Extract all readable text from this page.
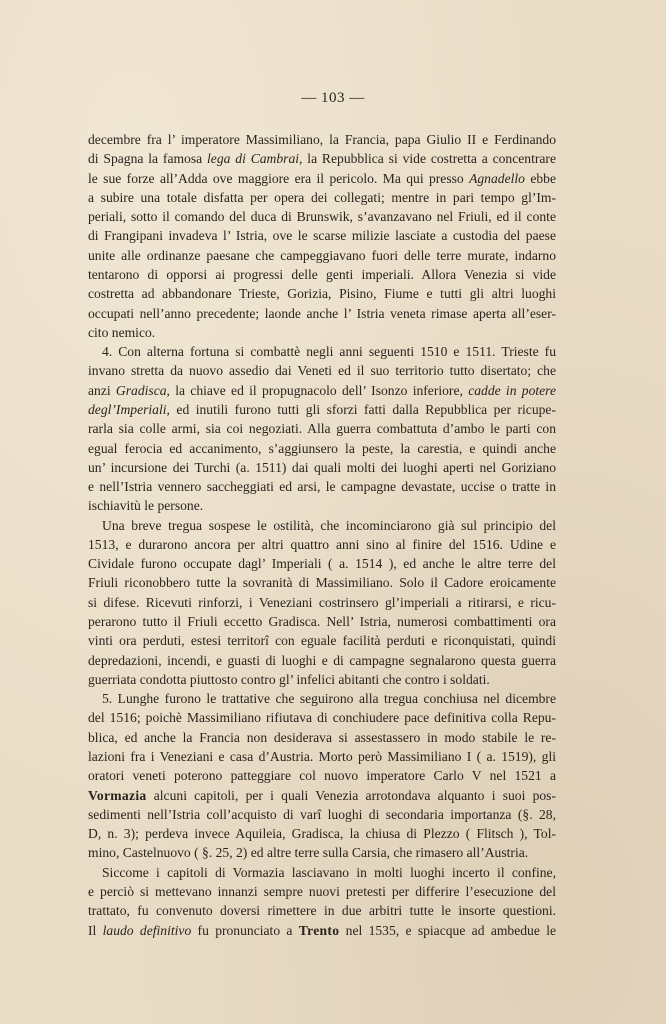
— 103 —
decembre fra l’ imperatore Massimiliano, la Francia, papa Giulio II e Ferdinando
di Spagna la famosa lega di Cambrai, la Repubblica si vide costretta a concentrare
le sue forze all’Adda ove maggiore era il pericolo. Ma qui presso Agnadello ebbe
a subire una totale disfatta per opera dei collegati; mentre in pari tempo gl’Im-
periali, sotto il comando del duca di Brunswik, s’avanzavano nel Friuli, ed il conte
di Frangipani invadeva l’ Istria, ove le scarse milizie lasciate a custodia del paese
unite alle ordinanze paesane che campeggiavano fuori delle terre murate, indarno
tentarono di opporsi ai progressi delle genti imperiali. Allora Venezia si vide
costretta ad abbandonare Trieste, Gorizia, Pisino, Fiume e tutti gli altri luoghi
occupati nell’anno precedente; laonde anche l’ Istria veneta rimase aperta all’eser-
cito nemico.
4. Con alterna fortuna si combattè negli anni seguenti 1510 e 1511. Trieste fu
invano stretta da nuovo assedio dai Veneti ed il suo territorio tutto disertato; che
anzi Gradisca, la chiave ed il propugnacolo dell’ Isonzo inferiore, cadde in potere
degl’Imperiali, ed inutili furono tutti gli sforzi fatti dalla Repubblica per ricupe-
rarla sia colle armi, sia coi negoziati. Alla guerra combattuta d’ambo le parti con
egual ferocia ed accanimento, s’aggiunsero la peste, la carestia, e quindi anche
un’ incursione dei Turchi (a. 1511) dai quali molti dei luoghi aperti nel Goriziano
e nell’Istria vennero saccheggiati ed arsi, le campagne devastate, uccise o tratte in
ischiavitù le persone.
Una breve tregua sospese le ostilità, che incominciarono già sul principio del
1513, e durarono ancora per altri quattro anni sino al finire del 1516. Udine e
Cividale furono occupate dagl’ Imperiali ( a. 1514 ), ed anche le altre terre del
Friuli riconobbero tutte la sovranità di Massimiliano. Solo il Cadore eroicamente
si difese. Ricevuti rinforzi, i Veneziani costrinsero gl’imperiali a ritirarsi, e ricu-
perarono tutto il Friuli eccetto Gradisca. Nell’ Istria, numerosi combattimenti ora
vinti ora perduti, estesi territorî con eguale facilità perduti e riconquistati, quindi
depredazioni, incendi, e guasti di luoghi e di campagne segnalarono questa guerra
guerriata condotta piuttosto contro gl’ infelici abitanti che contro i soldati.
5. Lunghe furono le trattative che seguirono alla tregua conchiusa nel dicembre
del 1516; poichè Massimiliano rifiutava di conchiudere pace definitiva colla Repu-
blica, ed anche la Francia non desiderava si assestassero in modo stabile le re-
lazioni fra i Veneziani e casa d’Austria. Morto però Massimiliano I ( a. 1519), gli
oratori veneti poterono patteggiare col nuovo imperatore Carlo V nel 1521 a
Vormazia alcuni capitoli, per i quali Venezia arrotondava alquanto i suoi pos-
sedimenti nell’Istria coll’acquisto di varî luoghi di secondaria importanza (§. 28,
D, n. 3); perdeva invece Aquileia, Gradisca, la chiusa di Plezzo ( Flitsch ), Tol-
mino, Castelnuovo ( §. 25, 2) ed altre terre sulla Carsia, che rimasero all’Austria.
Siccome i capitoli di Vormazia lasciavano in molti luoghi incerto il confine,
e perciò si mettevano innanzi sempre nuovi pretesti per differire l’esecuzione del
trattato, fu convenuto doversi rimettere in due arbitri tutte le insorte questioni.
Il laudo definitivo fu pronunciato a Trento nel 1535, e spiacque ad ambedue le
